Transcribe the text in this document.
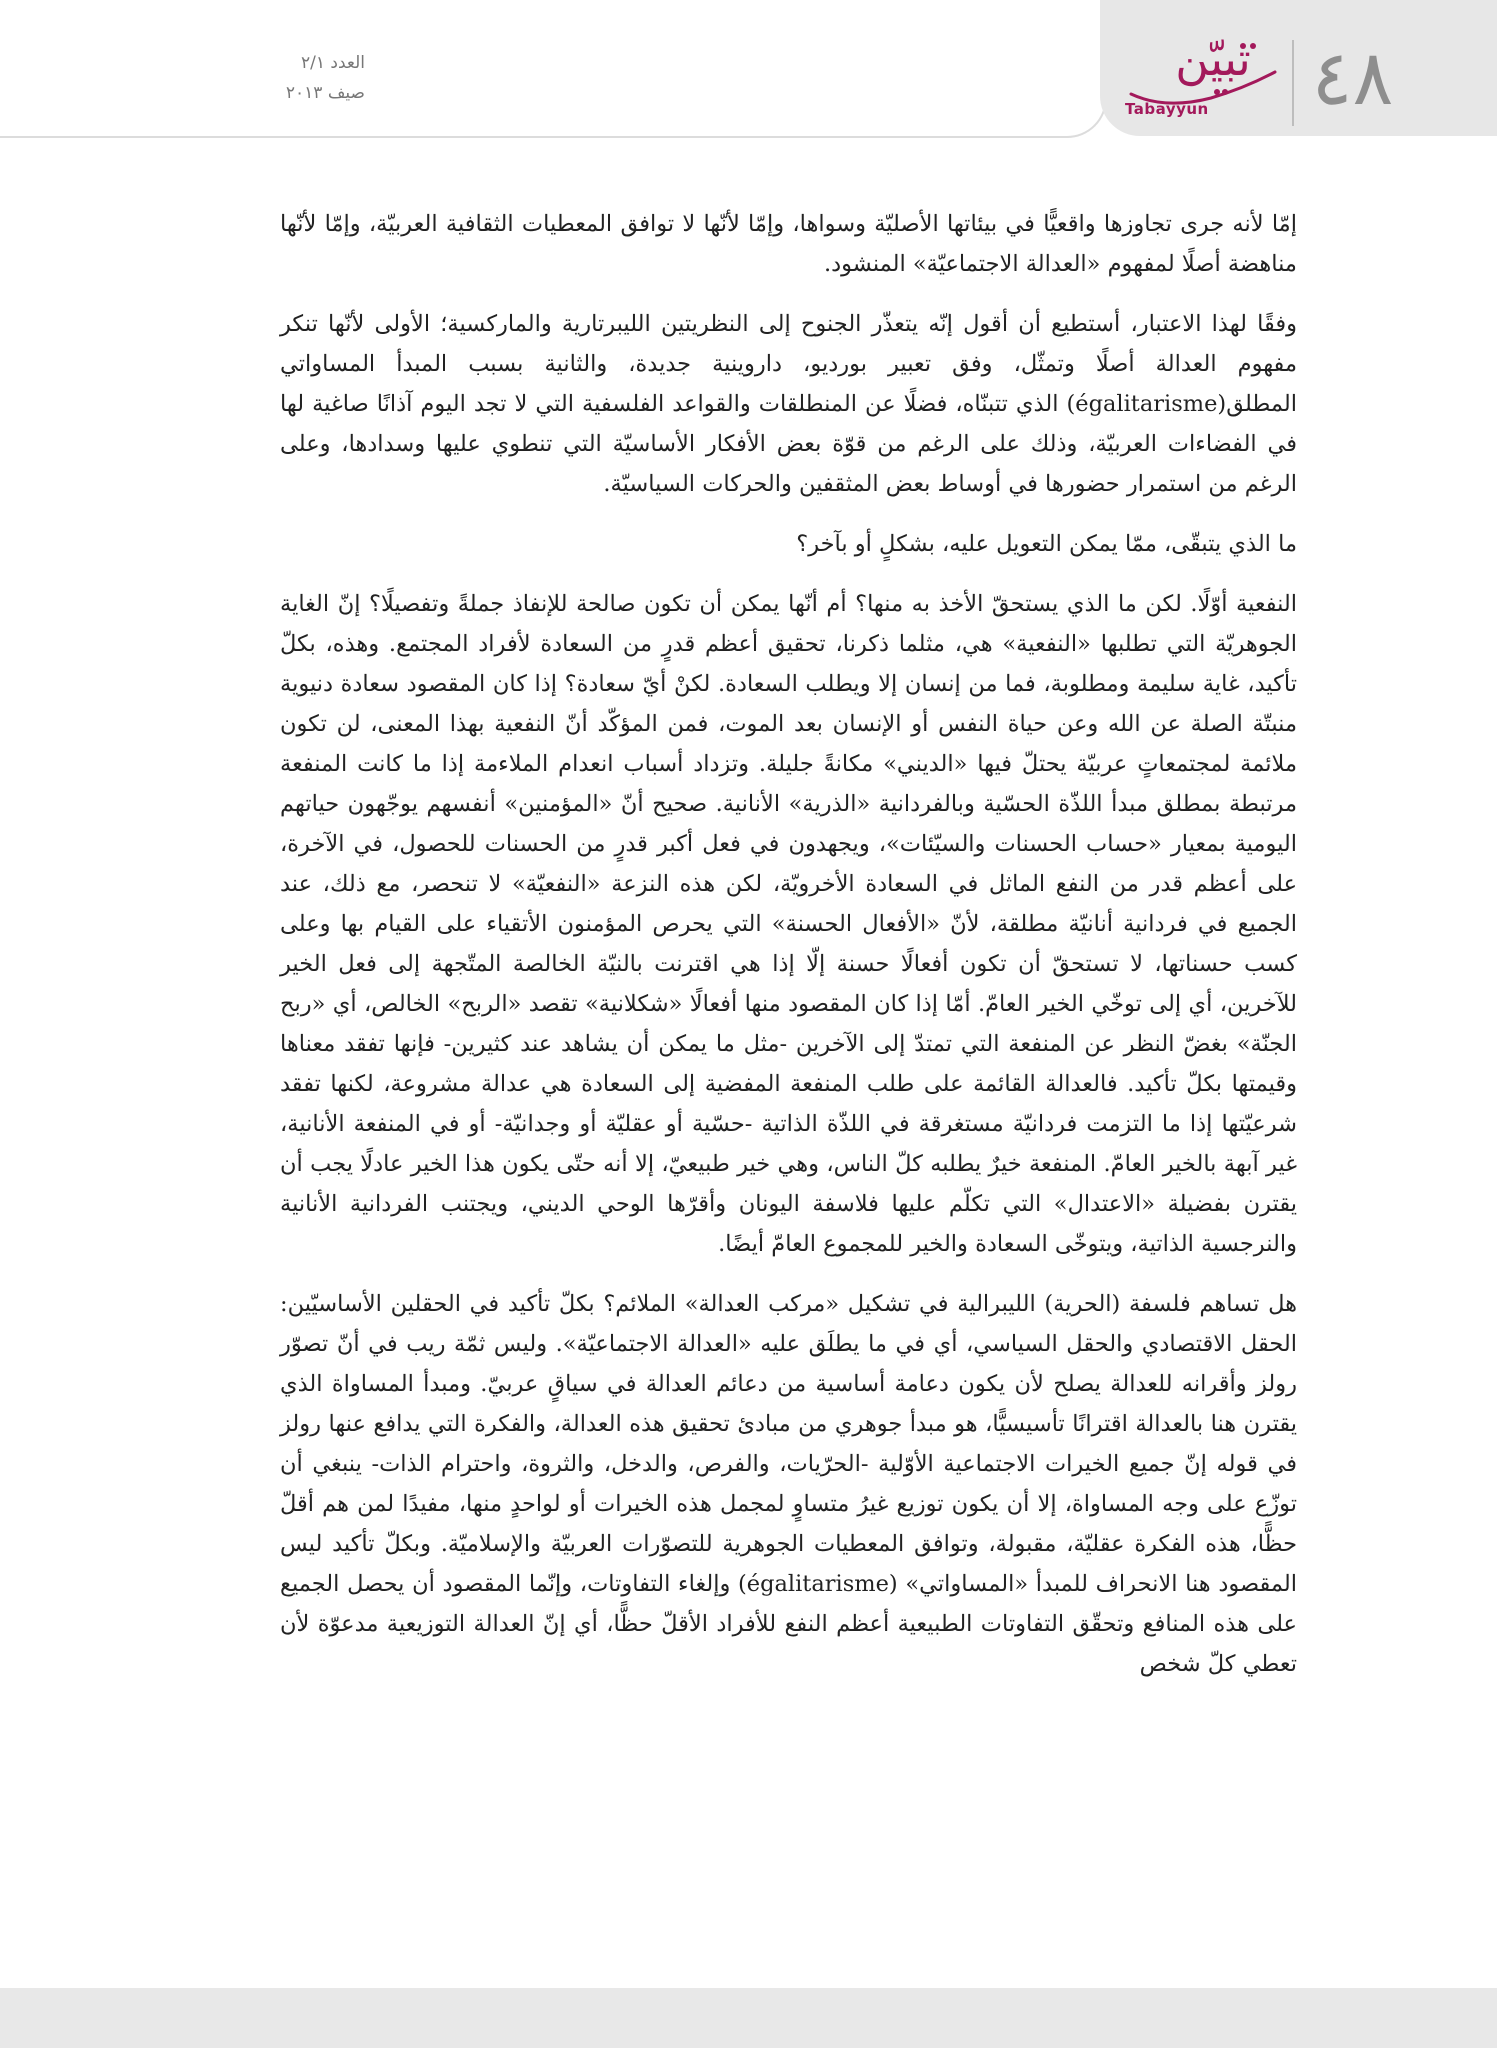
العدد ٢/١
صيف ٢٠١٣
تبيّن
Tabayyun ٤٨

إمّا لأنه جرى تجاوزها واقعيًّا في بيئاتها الأصليّة وسواها، وإمّا لأنّها لا توافق المعطيات الثقافية العربيّة، وإمّا لأنّها مناهضة أصلًا لمفهوم «العدالة الاجتماعيّة» المنشود.

وفقًا لهذا الاعتبار، أستطيع أن أقول إنّه يتعذّر الجنوح إلى النظريتين الليبرتارية والماركسية؛ الأولى لأنّها تنكر مفهوم العدالة أصلًا وتمثّل، وفق تعبير بورديو، داروينية جديدة، والثانية بسبب المبدأ المساواتي المطلق(égalitarisme) الذي تتبنّاه، فضلًا عن المنطلقات والقواعد الفلسفية التي لا تجد اليوم آذانًا صاغية لها في الفضاءات العربيّة، وذلك على الرغم من قوّة بعض الأفكار الأساسيّة التي تنطوي عليها وسدادها، وعلى الرغم من استمرار حضورها في أوساط بعض المثقفين والحركات السياسيّة.

ما الذي يتبقّى، ممّا يمكن التعويل عليه، بشكلٍ أو بآخر؟

النفعية أوّلًا. لكن ما الذي يستحقّ الأخذ به منها؟ أم أنّها يمكن أن تكون صالحة للإنفاذ جملةً وتفصيلًا؟ إنّ الغاية الجوهريّة التي تطلبها «النفعية» هي، مثلما ذكرنا، تحقيق أعظم قدرٍ من السعادة لأفراد المجتمع. وهذه، بكلّ تأكيد، غاية سليمة ومطلوبة، فما من إنسان إلا ويطلب السعادة. لكنْ أيّ سعادة؟ إذا كان المقصود سعادة دنيوية منبتّة الصلة عن الله وعن حياة النفس أو الإنسان بعد الموت، فمن المؤكّد أنّ النفعية بهذا المعنى، لن تكون ملائمة لمجتمعاتٍ عربيّة يحتلّ فيها «الديني» مكانةً جليلة. وتزداد أسباب انعدام الملاءمة إذا ما كانت المنفعة مرتبطة بمطلق مبدأ اللذّة الحسّية وبالفردانية «الذرية» الأنانية. صحيح أنّ «المؤمنين» أنفسهم يوجّهون حياتهم اليومية بمعيار «حساب الحسنات والسيّئات»، ويجهدون في فعل أكبر قدرٍ من الحسنات للحصول، في الآخرة، على أعظم قدر من النفع الماثل في السعادة الأخرويّة، لكن هذه النزعة «النفعيّة» لا تنحصر، مع ذلك، عند الجميع في فردانية أنانيّة مطلقة، لأنّ «الأفعال الحسنة» التي يحرص المؤمنون الأتقياء على القيام بها وعلى كسب حسناتها، لا تستحقّ أن تكون أفعالًا حسنة إلّا إذا هي اقترنت بالنيّة الخالصة المتّجهة إلى فعل الخير للآخرين، أي إلى توخّي الخير العامّ. أمّا إذا كان المقصود منها أفعالًا «شكلانية» تقصد «الربح» الخالص، أي «ربح الجنّة» بغضّ النظر عن المنفعة التي تمتدّ إلى الآخرين -مثل ما يمكن أن يشاهد عند كثيرين- فإنها تفقد معناها وقيمتها بكلّ تأكيد. فالعدالة القائمة على طلب المنفعة المفضية إلى السعادة هي عدالة مشروعة، لكنها تفقد شرعيّتها إذا ما التزمت فردانيّة مستغرقة في اللذّة الذاتية -حسّية أو عقليّة أو وجدانيّة- أو في المنفعة الأنانية، غير آبهة بالخير العامّ. المنفعة خيرٌ يطلبه كلّ الناس، وهي خير طبيعيّ، إلا أنه حتّى يكون هذا الخير عادلًا يجب أن يقترن بفضيلة «الاعتدال» التي تكلّم عليها فلاسفة اليونان وأقرّها الوحي الديني، ويجتنب الفردانية الأنانية والنرجسية الذاتية، ويتوخّى السعادة والخير للمجموع العامّ أيضًا.

هل تساهم فلسفة (الحرية) الليبرالية في تشكيل «مركب العدالة» الملائم؟ بكلّ تأكيد في الحقلين الأساسيّين: الحقل الاقتصادي والحقل السياسي، أي في ما يطلَق عليه «العدالة الاجتماعيّة». وليس ثمّة ريب في أنّ تصوّر رولز وأقرانه للعدالة يصلح لأن يكون دعامة أساسية من دعائم العدالة في سياقٍ عربيّ. ومبدأ المساواة الذي يقترن هنا بالعدالة اقترانًا تأسيسيًّا، هو مبدأ جوهري من مبادئ تحقيق هذه العدالة، والفكرة التي يدافع عنها رولز في قوله إنّ جميع الخيرات الاجتماعية الأوّلية -الحرّيات، والفرص، والدخل، والثروة، واحترام الذات- ينبغي أن توزّع على وجه المساواة، إلا أن يكون توزيع غيرُ متساوٍ لمجمل هذه الخيرات أو لواحدٍ منها، مفيدًا لمن هم أقلّ حظًّا، هذه الفكرة عقليّة، مقبولة، وتوافق المعطيات الجوهرية للتصوّرات العربيّة والإسلاميّة. وبكلّ تأكيد ليس المقصود هنا الانحراف للمبدأ «المساواتي» (égalitarisme) وإلغاء التفاوتات، وإنّما المقصود أن يحصل الجميع على هذه المنافع وتحقّق التفاوتات الطبيعية أعظم النفع للأفراد الأقلّ حظًّا، أي إنّ العدالة التوزيعية مدعوّة لأن تعطي كلّ شخص
